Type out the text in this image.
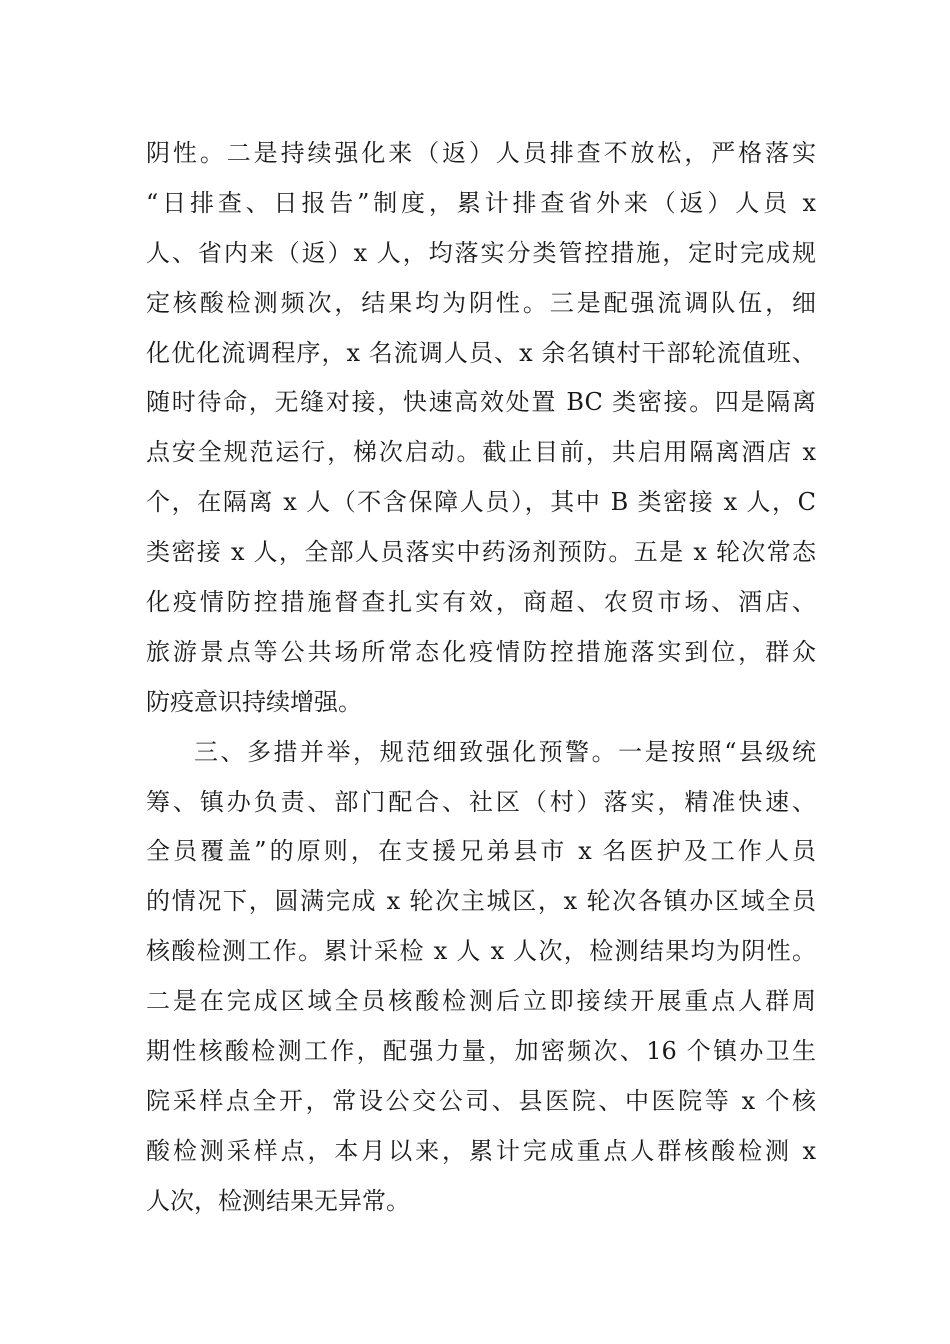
阴性。二是持续强化来（返）人员排查不放松，严格落实
“日排查、日报告”制度，累计排查省外来（返）人员 x
人、省内来（返）x 人，均落实分类管控措施，定时完成规
定核酸检测频次，结果均为阴性。三是配强流调队伍，细
化优化流调程序，x 名流调人员、x 余名镇村干部轮流值班、
随时待命，无缝对接，快速高效处置 BC 类密接。四是隔离
点安全规范运行，梯次启动。截止目前，共启用隔离酒店 x
个，在隔离 x 人（不含保障人员），其中 B 类密接 x 人，C
类密接 x 人，全部人员落实中药汤剂预防。五是 x 轮次常态
化疫情防控措施督查扎实有效，商超、农贸市场、酒店、
旅游景点等公共场所常态化疫情防控措施落实到位，群众
防疫意识持续增强。
三、多措并举，规范细致强化预警。一是按照“县级统
筹、镇办负责、部门配合、社区（村）落实，精准快速、
全员覆盖”的原则，在支援兄弟县市 x 名医护及工作人员
的情况下，圆满完成 x 轮次主城区，x 轮次各镇办区域全员
核酸检测工作。累计采检 x 人 x 人次，检测结果均为阴性。
二是在完成区域全员核酸检测后立即接续开展重点人群周
期性核酸检测工作，配强力量，加密频次、16 个镇办卫生
院采样点全开，常设公交公司、县医院、中医院等 x 个核
酸检测采样点，本月以来，累计完成重点人群核酸检测 x
人次，检测结果无异常。
